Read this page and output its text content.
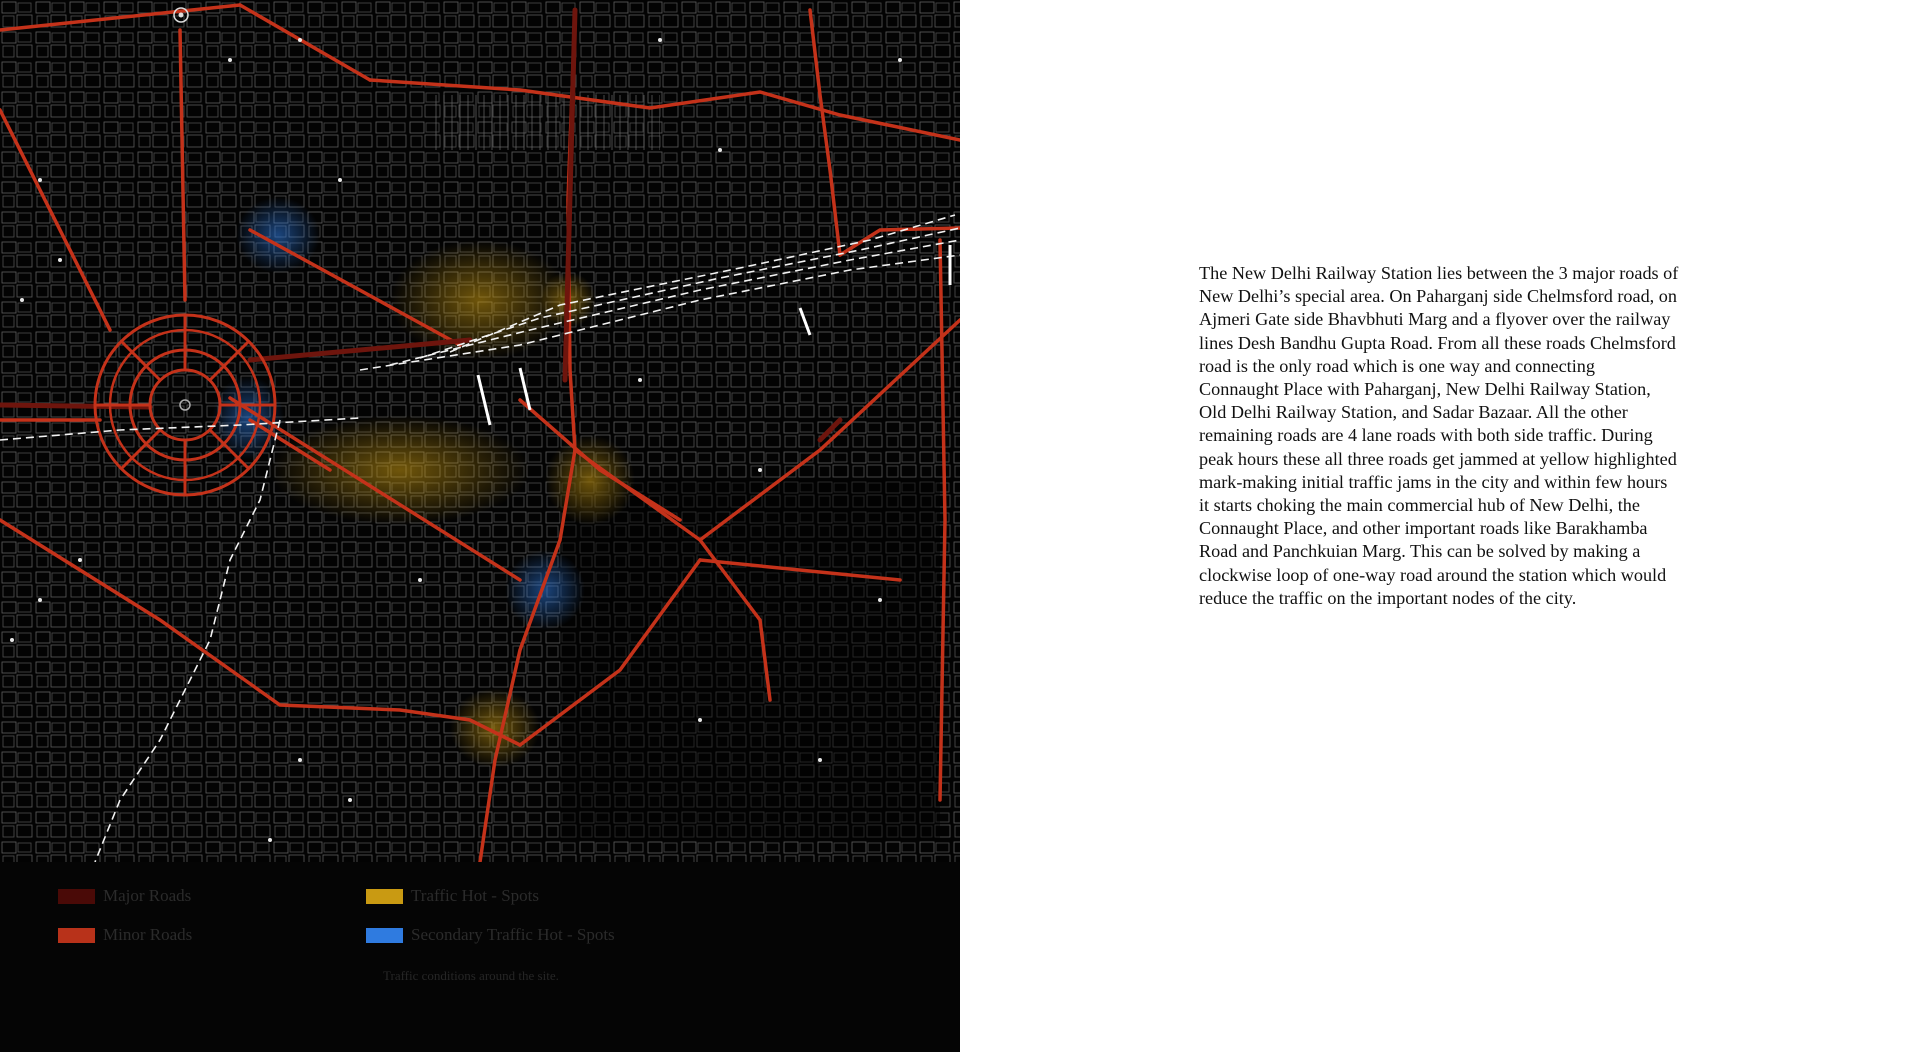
Major Roads
Minor Roads
Traffic Hot - Spots
Secondary Traffic Hot - Spots
Traffic conditions around the site.

The New Delhi Railway Station lies between the 3 major roads of New Delhi’s special area. On Paharganj side Chelmsford road, on Ajmeri Gate side Bhavbhuti Marg and a flyover over the railway lines Desh Bandhu Gupta Road. From all these roads Chelmsford road is the only road which is one way and connecting Connaught Place with Paharganj, New Delhi Railway Station, Old Delhi Railway Station, and Sadar Bazaar. All the other remaining roads are 4 lane roads with both side traffic. During peak hours these all three roads get jammed at yellow highlighted mark-making initial traffic jams in the city and within few hours it starts choking the main commercial hub of New Delhi, the Connaught Place, and other important roads like Barakhamba Road and Panchkuian Marg. This can be solved by making a clockwise loop of one-way road around the station which would reduce the traffic on the important nodes of the city.
